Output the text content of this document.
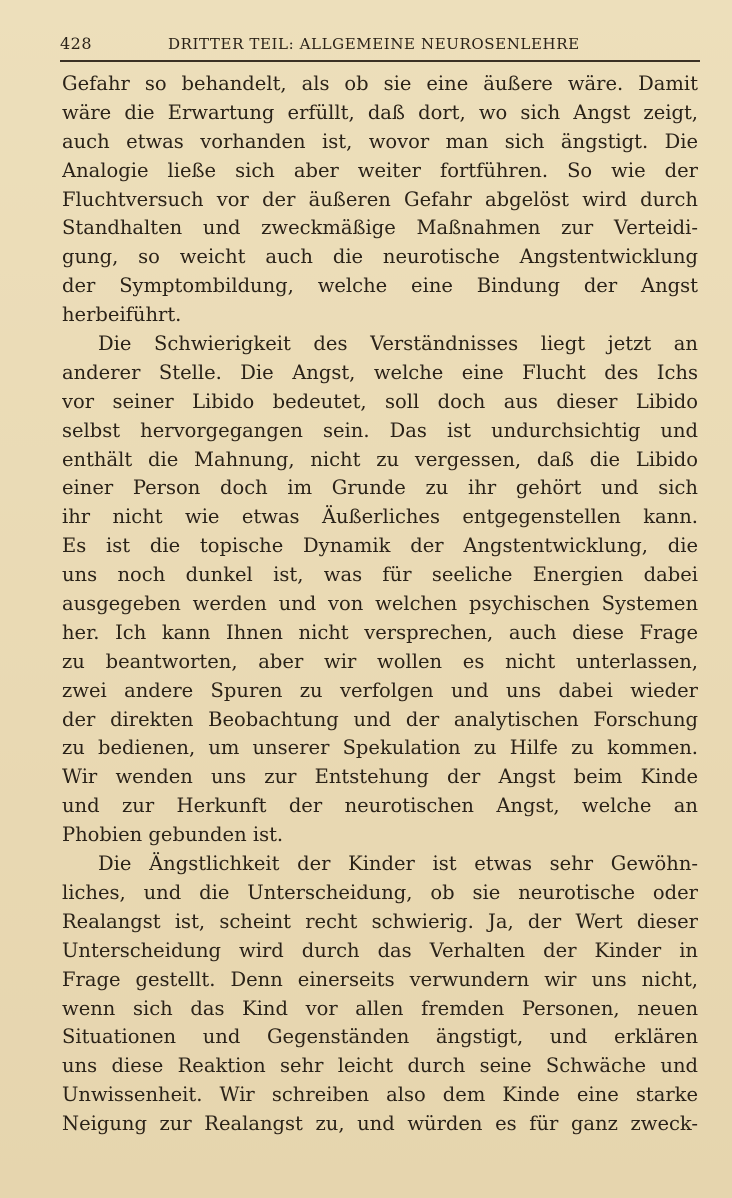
428	DRITTER TEIL: ALLGEMEINE NEUROSENLEHRE
Gefahr so behandelt, als ob sie eine äußere wäre. Damit
wäre die Erwartung erfüllt, daß dort, wo sich Angst zeigt,
auch etwas vorhanden ist, wovor man sich ängstigt. Die
Analogie ließe sich aber weiter fortführen. So wie der
Fluchtversuch vor der äußeren Gefahr abgelöst wird durch
Standhalten und zweckmäßige Maßnahmen zur Verteidi-
gung, so weicht auch die neurotische Angstentwicklung
der Symptombildung, welche eine Bindung der Angst
herbeiführt.
Die Schwierigkeit des Verständnisses liegt jetzt an
anderer Stelle. Die Angst, welche eine Flucht des Ichs
vor seiner Libido bedeutet, soll doch aus dieser Libido
selbst hervorgegangen sein. Das ist undurchsichtig und
enthält die Mahnung, nicht zu vergessen, daß die Libido
einer Person doch im Grunde zu ihr gehört und sich
ihr nicht wie etwas Äußerliches entgegenstellen kann.
Es ist die topische Dynamik der Angstentwicklung, die
uns noch dunkel ist, was für seeliche Energien dabei
ausgegeben werden und von welchen psychischen Systemen
her. Ich kann Ihnen nicht versprechen, auch diese Frage
zu beantworten, aber wir wollen es nicht unterlassen,
zwei andere Spuren zu verfolgen und uns dabei wieder
der direkten Beobachtung und der analytischen Forschung
zu bedienen, um unserer Spekulation zu Hilfe zu kommen.
Wir wenden uns zur Entstehung der Angst beim Kinde
und zur Herkunft der neurotischen Angst, welche an
Phobien gebunden ist.
Die Ängstlichkeit der Kinder ist etwas sehr Gewöhn-
liches, und die Unterscheidung, ob sie neurotische oder
Realangst ist, scheint recht schwierig. Ja, der Wert dieser
Unterscheidung wird durch das Verhalten der Kinder in
Frage gestellt. Denn einerseits verwundern wir uns nicht,
wenn sich das Kind vor allen fremden Personen, neuen
Situationen und Gegenständen ängstigt, und erklären
uns diese Reaktion sehr leicht durch seine Schwäche und
Unwissenheit. Wir schreiben also dem Kinde eine starke
Neigung zur Realangst zu, und würden es für ganz zweck-
